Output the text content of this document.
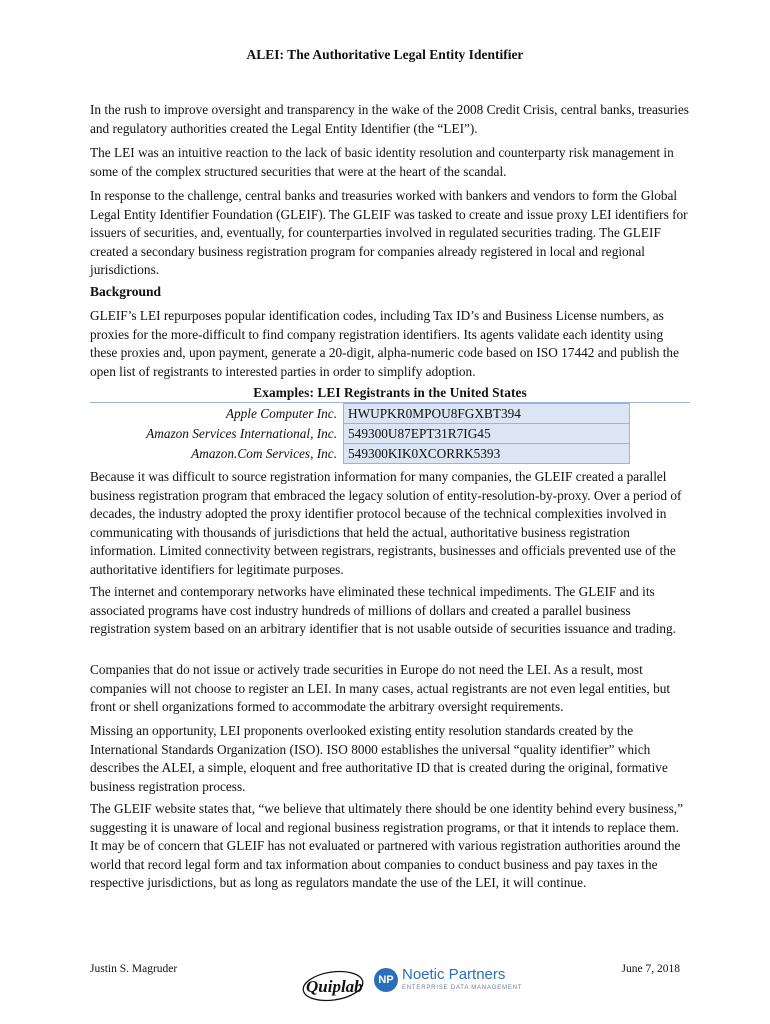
ALEI: The Authoritative Legal Entity Identifier

In the rush to improve oversight and transparency in the wake of the 2008 Credit Crisis, central banks, treasuries and regulatory authorities created the Legal Entity Identifier (the “LEI”).

The LEI was an intuitive reaction to the lack of basic identity resolution and counterparty risk management in some of the complex structured securities that were at the heart of the scandal.

In response to the challenge, central banks and treasuries worked with bankers and vendors to form the Global Legal Entity Identifier Foundation (GLEIF). The GLEIF was tasked to create and issue proxy LEI identifiers for issuers of securities, and, eventually, for counterparties involved in regulated securities trading. The GLEIF created a secondary business registration program for companies already registered in local and regional jurisdictions.

Background

GLEIF’s LEI repurposes popular identification codes, including Tax ID’s and Business License numbers, as proxies for the more-difficult to find company registration identifiers. Its agents validate each identity using these proxies and, upon payment, generate a 20-digit, alpha-numeric code based on ISO 17442 and publish the open list of registrants to interested parties in order to simplify adoption.

Examples: LEI Registrants in the United States
Apple Computer Inc.	HWUPKR0MPOU8FGXBT394
Amazon Services International, Inc.	549300U87EPT31R7IG45
Amazon.Com Services, Inc.	549300KIK0XCORRK5393

Because it was difficult to source registration information for many companies, the GLEIF created a parallel business registration program that embraced the legacy solution of entity-resolution-by-proxy. Over a period of decades, the industry adopted the proxy identifier protocol because of the technical complexities involved in communicating with thousands of jurisdictions that held the actual, authoritative business registration information. Limited connectivity between registrars, registrants, businesses and officials prevented use of the authoritative identifiers for legitimate purposes.

The internet and contemporary networks have eliminated these technical impediments. The GLEIF and its associated programs have cost industry hundreds of millions of dollars and created a parallel business registration system based on an arbitrary identifier that is not usable outside of securities issuance and trading.

Companies that do not issue or actively trade securities in Europe do not need the LEI. As a result, most companies will not choose to register an LEI. In many cases, actual registrants are not even legal entities, but front or shell organizations formed to accommodate the arbitrary oversight requirements.

Missing an opportunity, LEI proponents overlooked existing entity resolution standards created by the International Standards Organization (ISO). ISO 8000 establishes the universal “quality identifier” which describes the ALEI, a simple, eloquent and free authoritative ID that is created during the original, formative business registration process.

The GLEIF website states that, “we believe that ultimately there should be one identity behind every business,” suggesting it is unaware of local and regional business registration programs, or that it intends to replace them. It may be of concern that GLEIF has not evaluated or partnered with various registration authorities around the world that record legal form and tax information about companies to conduct business and pay taxes in the respective jurisdictions, but as long as regulators mandate the use of the LEI, it will continue.

Justin S. Magruder
Quiplab	NP Noetic Partners
ENTERPRISE DATA MANAGEMENT
June 7, 2018
